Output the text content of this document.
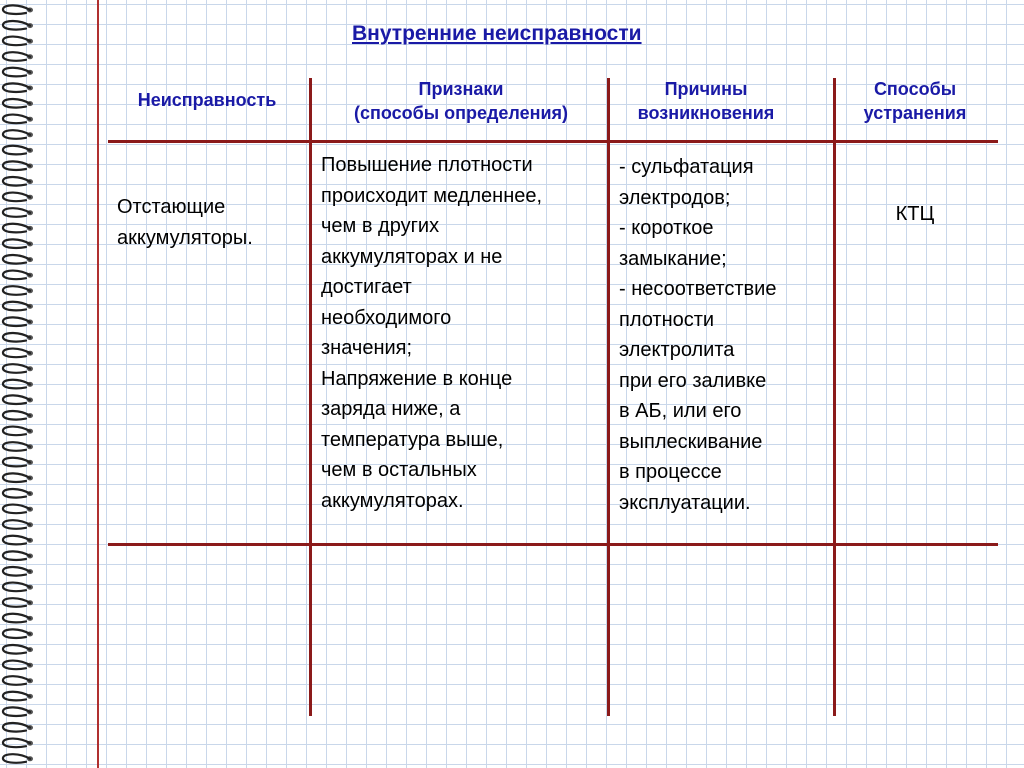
Внутренние неисправности
Неисправность
Признаки
(способы определения)
Причины
возникновения
Способы
устранения
Отстающие
аккумуляторы.
Повышение плотности
происходит медленнее,
чем в других
аккумуляторах и не
достигает
необходимого
значения;
Напряжение в конце
заряда ниже, а
температура выше,
чем в остальных
аккумуляторах.
- сульфатация
электродов;
- короткое
замыкание;
- несоответствие
плотности
электролита
при его заливке
в АБ, или его
выплескивание
в процессе
эксплуатации.
КТЦ
